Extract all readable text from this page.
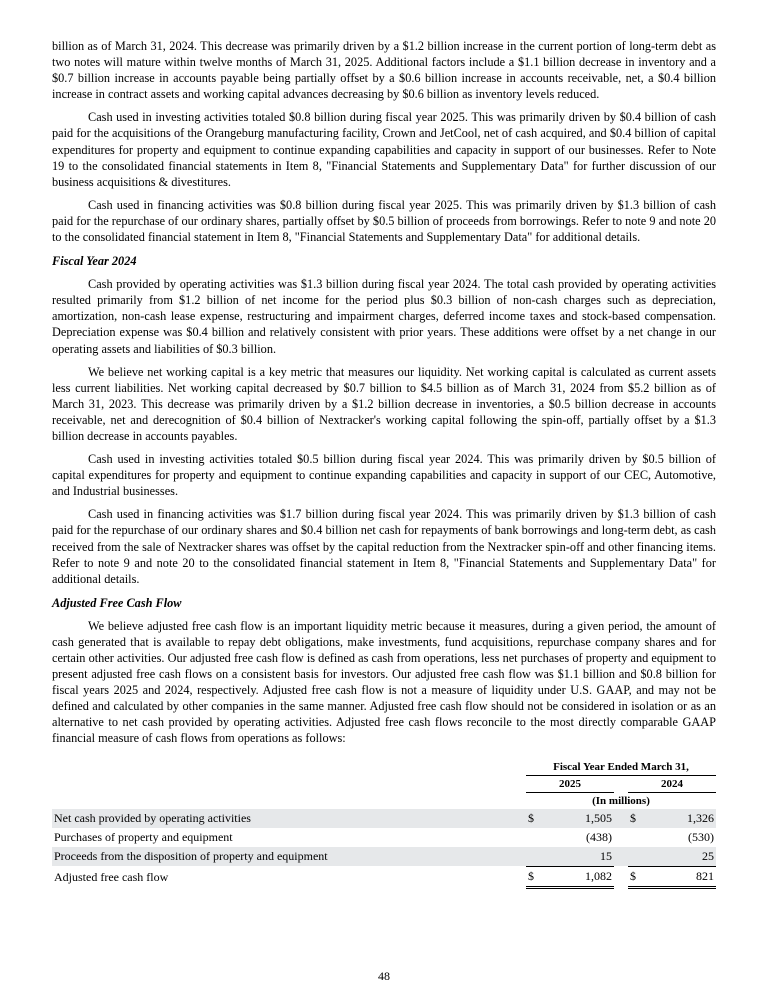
billion as of March 31, 2024. This decrease was primarily driven by a $1.2 billion increase in the current portion of long-term debt as two notes will mature within twelve months of March 31, 2025. Additional factors include a $1.1 billion decrease in inventory and a $0.7 billion increase in accounts payable being partially offset by a $0.6 billion increase in accounts receivable, net, a $0.4 billion increase in contract assets and working capital advances decreasing by $0.6 billion as inventory levels reduced.

Cash used in investing activities totaled $0.8 billion during fiscal year 2025. This was primarily driven by $0.4 billion of cash paid for the acquisitions of the Orangeburg manufacturing facility, Crown and JetCool, net of cash acquired, and $0.4 billion of capital expenditures for property and equipment to continue expanding capabilities and capacity in support of our businesses. Refer to Note 19 to the consolidated financial statements in Item 8, "Financial Statements and Supplementary Data" for further discussion of our business acquisitions & divestitures.

Cash used in financing activities was $0.8 billion during fiscal year 2025. This was primarily driven by $1.3 billion of cash paid for the repurchase of our ordinary shares, partially offset by $0.5 billion of proceeds from borrowings. Refer to note 9 and note 20 to the consolidated financial statement in Item 8, "Financial Statements and Supplementary Data" for additional details.

Fiscal Year 2024

Cash provided by operating activities was $1.3 billion during fiscal year 2024. The total cash provided by operating activities resulted primarily from $1.2 billion of net income for the period plus $0.3 billion of non-cash charges such as depreciation, amortization, non-cash lease expense, restructuring and impairment charges, deferred income taxes and stock-based compensation. Depreciation expense was $0.4 billion and relatively consistent with prior years. These additions were offset by a net change in our operating assets and liabilities of $0.3 billion.

We believe net working capital is a key metric that measures our liquidity. Net working capital is calculated as current assets less current liabilities. Net working capital decreased by $0.7 billion to $4.5 billion as of March 31, 2024 from $5.2 billion as of March 31, 2023. This decrease was primarily driven by a $1.2 billion decrease in inventories, a $0.5 billion decrease in accounts receivable, net and derecognition of $0.4 billion of Nextracker's working capital following the spin-off, partially offset by a $1.3 billion decrease in accounts payables.

Cash used in investing activities totaled $0.5 billion during fiscal year 2024. This was primarily driven by $0.5 billion of capital expenditures for property and equipment to continue expanding capabilities and capacity in support of our CEC, Automotive, and Industrial businesses.

Cash used in financing activities was $1.7 billion during fiscal year 2024. This was primarily driven by $1.3 billion of cash paid for the repurchase of our ordinary shares and $0.4 billion net cash for repayments of bank borrowings and long-term debt, as cash received from the sale of Nextracker shares was offset by the capital reduction from the Nextracker spin-off and other financing items. Refer to note 9 and note 20 to the consolidated financial statement in Item 8, "Financial Statements and Supplementary Data" for additional details.

Adjusted Free Cash Flow

We believe adjusted free cash flow is an important liquidity metric because it measures, during a given period, the amount of cash generated that is available to repay debt obligations, make investments, fund acquisitions, repurchase company shares and for certain other activities. Our adjusted free cash flow is defined as cash from operations, less net purchases of property and equipment to present adjusted free cash flows on a consistent basis for investors. Our adjusted free cash flow was $1.1 billion and $0.8 billion for fiscal years 2025 and 2024, respectively. Adjusted free cash flow is not a measure of liquidity under U.S. GAAP, and may not be defined and calculated by other companies in the same manner. Adjusted free cash flow should not be considered in isolation or as an alternative to net cash provided by operating activities. Adjusted free cash flows reconcile to the most directly comparable GAAP financial measure of cash flows from operations as follows:

	Fiscal Year Ended March 31,				
	2025			2024	
	(In millions)				
Net cash provided by operating activities	$	1,505		$	1,326
Purchases of property and equipment		(438)			(530)
Proceeds from the disposition of property and equipment		15			25
Adjusted free cash flow	$	1,082		$	821
48
